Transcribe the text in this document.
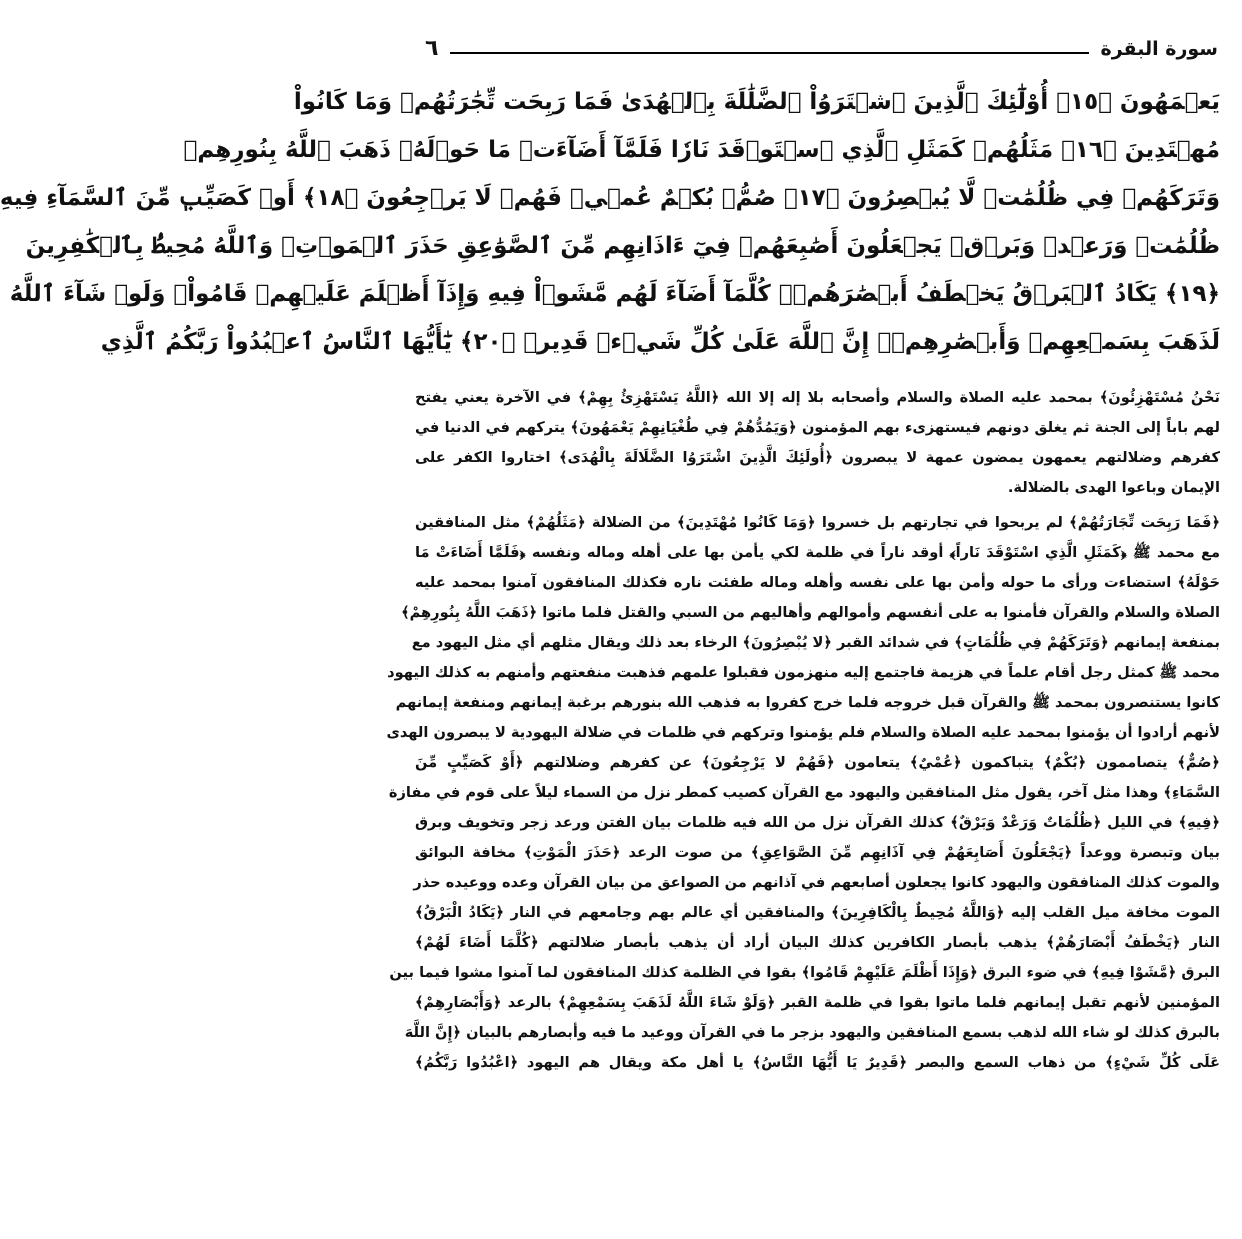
سورة البقرة
٦
يَعۡمَهُونَ ﴿١٥﴾ أُوْلَٰٓئِكَ ٱلَّذِينَ ٱشۡتَرَوُاْ ٱلضَّلَٰلَةَ بِٱلۡهُدَىٰ فَمَا رَبِحَت تِّجَٰرَتُهُمۡ وَمَا كَانُواْ
مُهۡتَدِينَ ﴿١٦﴾ مَثَلُهُمۡ كَمَثَلِ ٱلَّذِي ٱسۡتَوۡقَدَ نَارٗا فَلَمَّآ أَضَآءَتۡ مَا حَوۡلَهُۥ ذَهَبَ ٱللَّهُ بِنُورِهِمۡ
وَتَرَكَهُمۡ فِي ظُلُمَٰتٖ لَّا يُبۡصِرُونَ ﴿١٧﴾ صُمُّۢ بُكۡمٌ عُمۡيٞ فَهُمۡ لَا يَرۡجِعُونَ ﴿١٨﴾ أَوۡ كَصَيِّبٖ مِّنَ ٱلسَّمَآءِ فِيهِ
ظُلُمَٰتٞ وَرَعۡدٞ وَبَرۡقٞ يَجۡعَلُونَ أَصَٰبِعَهُمۡ فِيٓ ءَاذَانِهِم مِّنَ ٱلصَّوَٰعِقِ حَذَرَ ٱلۡمَوۡتِۚ وَٱللَّهُ مُحِيطُۢ بِٱلۡكَٰفِرِينَ
﴿١٩﴾ يَكَادُ ٱلۡبَرۡقُ يَخۡطَفُ أَبۡصَٰرَهُمۡۖ كُلَّمَآ أَضَآءَ لَهُم مَّشَوۡاْ فِيهِ وَإِذَآ أَظۡلَمَ عَلَيۡهِمۡ قَامُواْۚ وَلَوۡ شَآءَ ٱللَّهُ
لَذَهَبَ بِسَمۡعِهِمۡ وَأَبۡصَٰرِهِمۡۚ إِنَّ ٱللَّهَ عَلَىٰ كُلِّ شَيۡءٖ قَدِيرٞ ﴿٢٠﴾ يَٰٓأَيُّهَا ٱلنَّاسُ ٱعۡبُدُواْ رَبَّكُمُ ٱلَّذِي
نَحْنُ مُسْتَهْزِئُونَ﴾ بمحمد عليه الصلاة والسلام وأصحابه بلا إله إلا الله ﴿اللَّهُ يَسْتَهْزِئُ بِهِمْ﴾ في الآخرة يعني يفتح
لهم باباً إلى الجنة ثم يغلق دونهم فيستهزىء بهم المؤمنون ﴿وَيَمُدُّهُمْ فِي طُغْيَانِهِمْ يَعْمَهُونَ﴾ يتركهم في الدنيا في
كفرهم وضلالتهم يعمهون يمضون عمهة لا يبصرون ﴿أُولَئِكَ الَّذِينَ اشْتَرَوُا الضَّلَالَةَ بِالْهُدَى﴾ اختاروا الكفر على
الإيمان وباعوا الهدى بالضلالة.
﴿فَمَا رَبِحَت تِّجَارَتُهُمْ﴾ لم يربحوا في تجارتهم بل خسروا ﴿وَمَا كَانُوا مُهْتَدِينَ﴾ من الضلالة ﴿مَثَلُهُمْ﴾ مثل المنافقين
مع محمد ﷺ ﴿كَمَثَلِ الَّذِي اسْتَوْقَدَ نَاراً﴾ أوقد ناراً في ظلمة لكي يأمن بها على أهله وماله ونفسه ﴿فَلَمَّا أَضَاءَتْ مَا
حَوْلَهُ﴾ استضاءت ورأى ما حوله وأمن بها على نفسه وأهله وماله طفئت ناره فكذلك المنافقون آمنوا بمحمد عليه
الصلاة والسلام والقرآن فأمنوا به على أنفسهم وأموالهم وأهاليهم من السبي والقتل فلما ماتوا ﴿ذَهَبَ اللَّهُ بِنُورِهِمْ﴾
بمنفعة إيمانهم ﴿وَتَرَكَهُمْ فِي ظُلُمَاتٍ﴾ في شدائد القبر ﴿لا يُبْصِرُونَ﴾ الرخاء بعد ذلك ويقال مثلهم أي مثل اليهود مع
محمد ﷺ كمثل رجل أقام علماً في هزيمة فاجتمع إليه منهزمون فقبلوا علمهم فذهبت منفعتهم وأمنهم به كذلك اليهود
كانوا يستنصرون بمحمد ﷺ والقرآن قبل خروجه فلما خرج كفروا به فذهب الله بنورهم برغبة إيمانهم ومنفعة إيمانهم
لأنهم أرادوا أن يؤمنوا بمحمد عليه الصلاة والسلام فلم يؤمنوا وتركهم في ظلمات في ضلالة اليهودية لا يبصرون الهدى
﴿صُمٌّ﴾ يتصاممون ﴿بُكْمٌ﴾ يتباكمون ﴿عُمْيٌ﴾ يتعامون ﴿فَهُمْ لا يَرْجِعُونَ﴾ عن كفرهم وضلالتهم ﴿أَوْ كَصَيِّبٍ مِّنَ
السَّمَاءِ﴾ وهذا مثل آخر، يقول مثل المنافقين واليهود مع القرآن كصيب كمطر نزل من السماء ليلاً على قوم في مفازة
﴿فِيهِ﴾ في الليل ﴿ظُلُمَاتٌ وَرَعْدٌ وَبَرْقٌ﴾ كذلك القرآن نزل من الله فيه ظلمات بيان الفتن ورعد زجر وتخويف وبرق
بيان وتبصرة ووعداً ﴿يَجْعَلُونَ أَصَابِعَهُمْ فِي آذَانِهِم مِّنَ الصَّوَاعِقِ﴾ من صوت الرعد ﴿حَذَرَ الْمَوْتِ﴾ مخافة البوائق
والموت كذلك المنافقون واليهود كانوا يجعلون أصابعهم في آذانهم من الصواعق من بيان القرآن وعده ووعيده حذر
الموت مخافة ميل القلب إليه ﴿وَاللَّهُ مُحِيطٌ بِالْكَافِرِينَ﴾ والمنافقين أي عالم بهم وجامعهم في النار ﴿يَكَادُ الْبَرْقُ﴾
النار ﴿يَخْطَفُ أَبْصَارَهُمْ﴾ يذهب بأبصار الكافرين كذلك البيان أراد أن يذهب بأبصار ضلالتهم ﴿كُلَّمَا أَضَاءَ لَهُمْ﴾
البرق ﴿مَّشَوْا فِيهِ﴾ في ضوء البرق ﴿وَإِذَا أَظْلَمَ عَلَيْهِمْ قَامُوا﴾ بقوا في الظلمة كذلك المنافقون لما آمنوا مشوا فيما بين
المؤمنين لأنهم تقبل إيمانهم فلما ماتوا بقوا في ظلمة القبر ﴿وَلَوْ شَاءَ اللَّهُ لَذَهَبَ بِسَمْعِهِمْ﴾ بالرعد ﴿وَأَبْصَارِهِمْ﴾
بالبرق كذلك لو شاء الله لذهب بسمع المنافقين واليهود بزجر ما في القرآن ووعيد ما فيه وأبصارهم بالبيان ﴿إِنَّ اللَّهَ
عَلَى كُلِّ شَيْءٍ﴾ من ذهاب السمع والبصر ﴿قَدِيرٌ يَا أَيُّهَا النَّاسُ﴾ يا أهل مكة ويقال هم اليهود ﴿اعْبُدُوا رَبَّكُمُ﴾
